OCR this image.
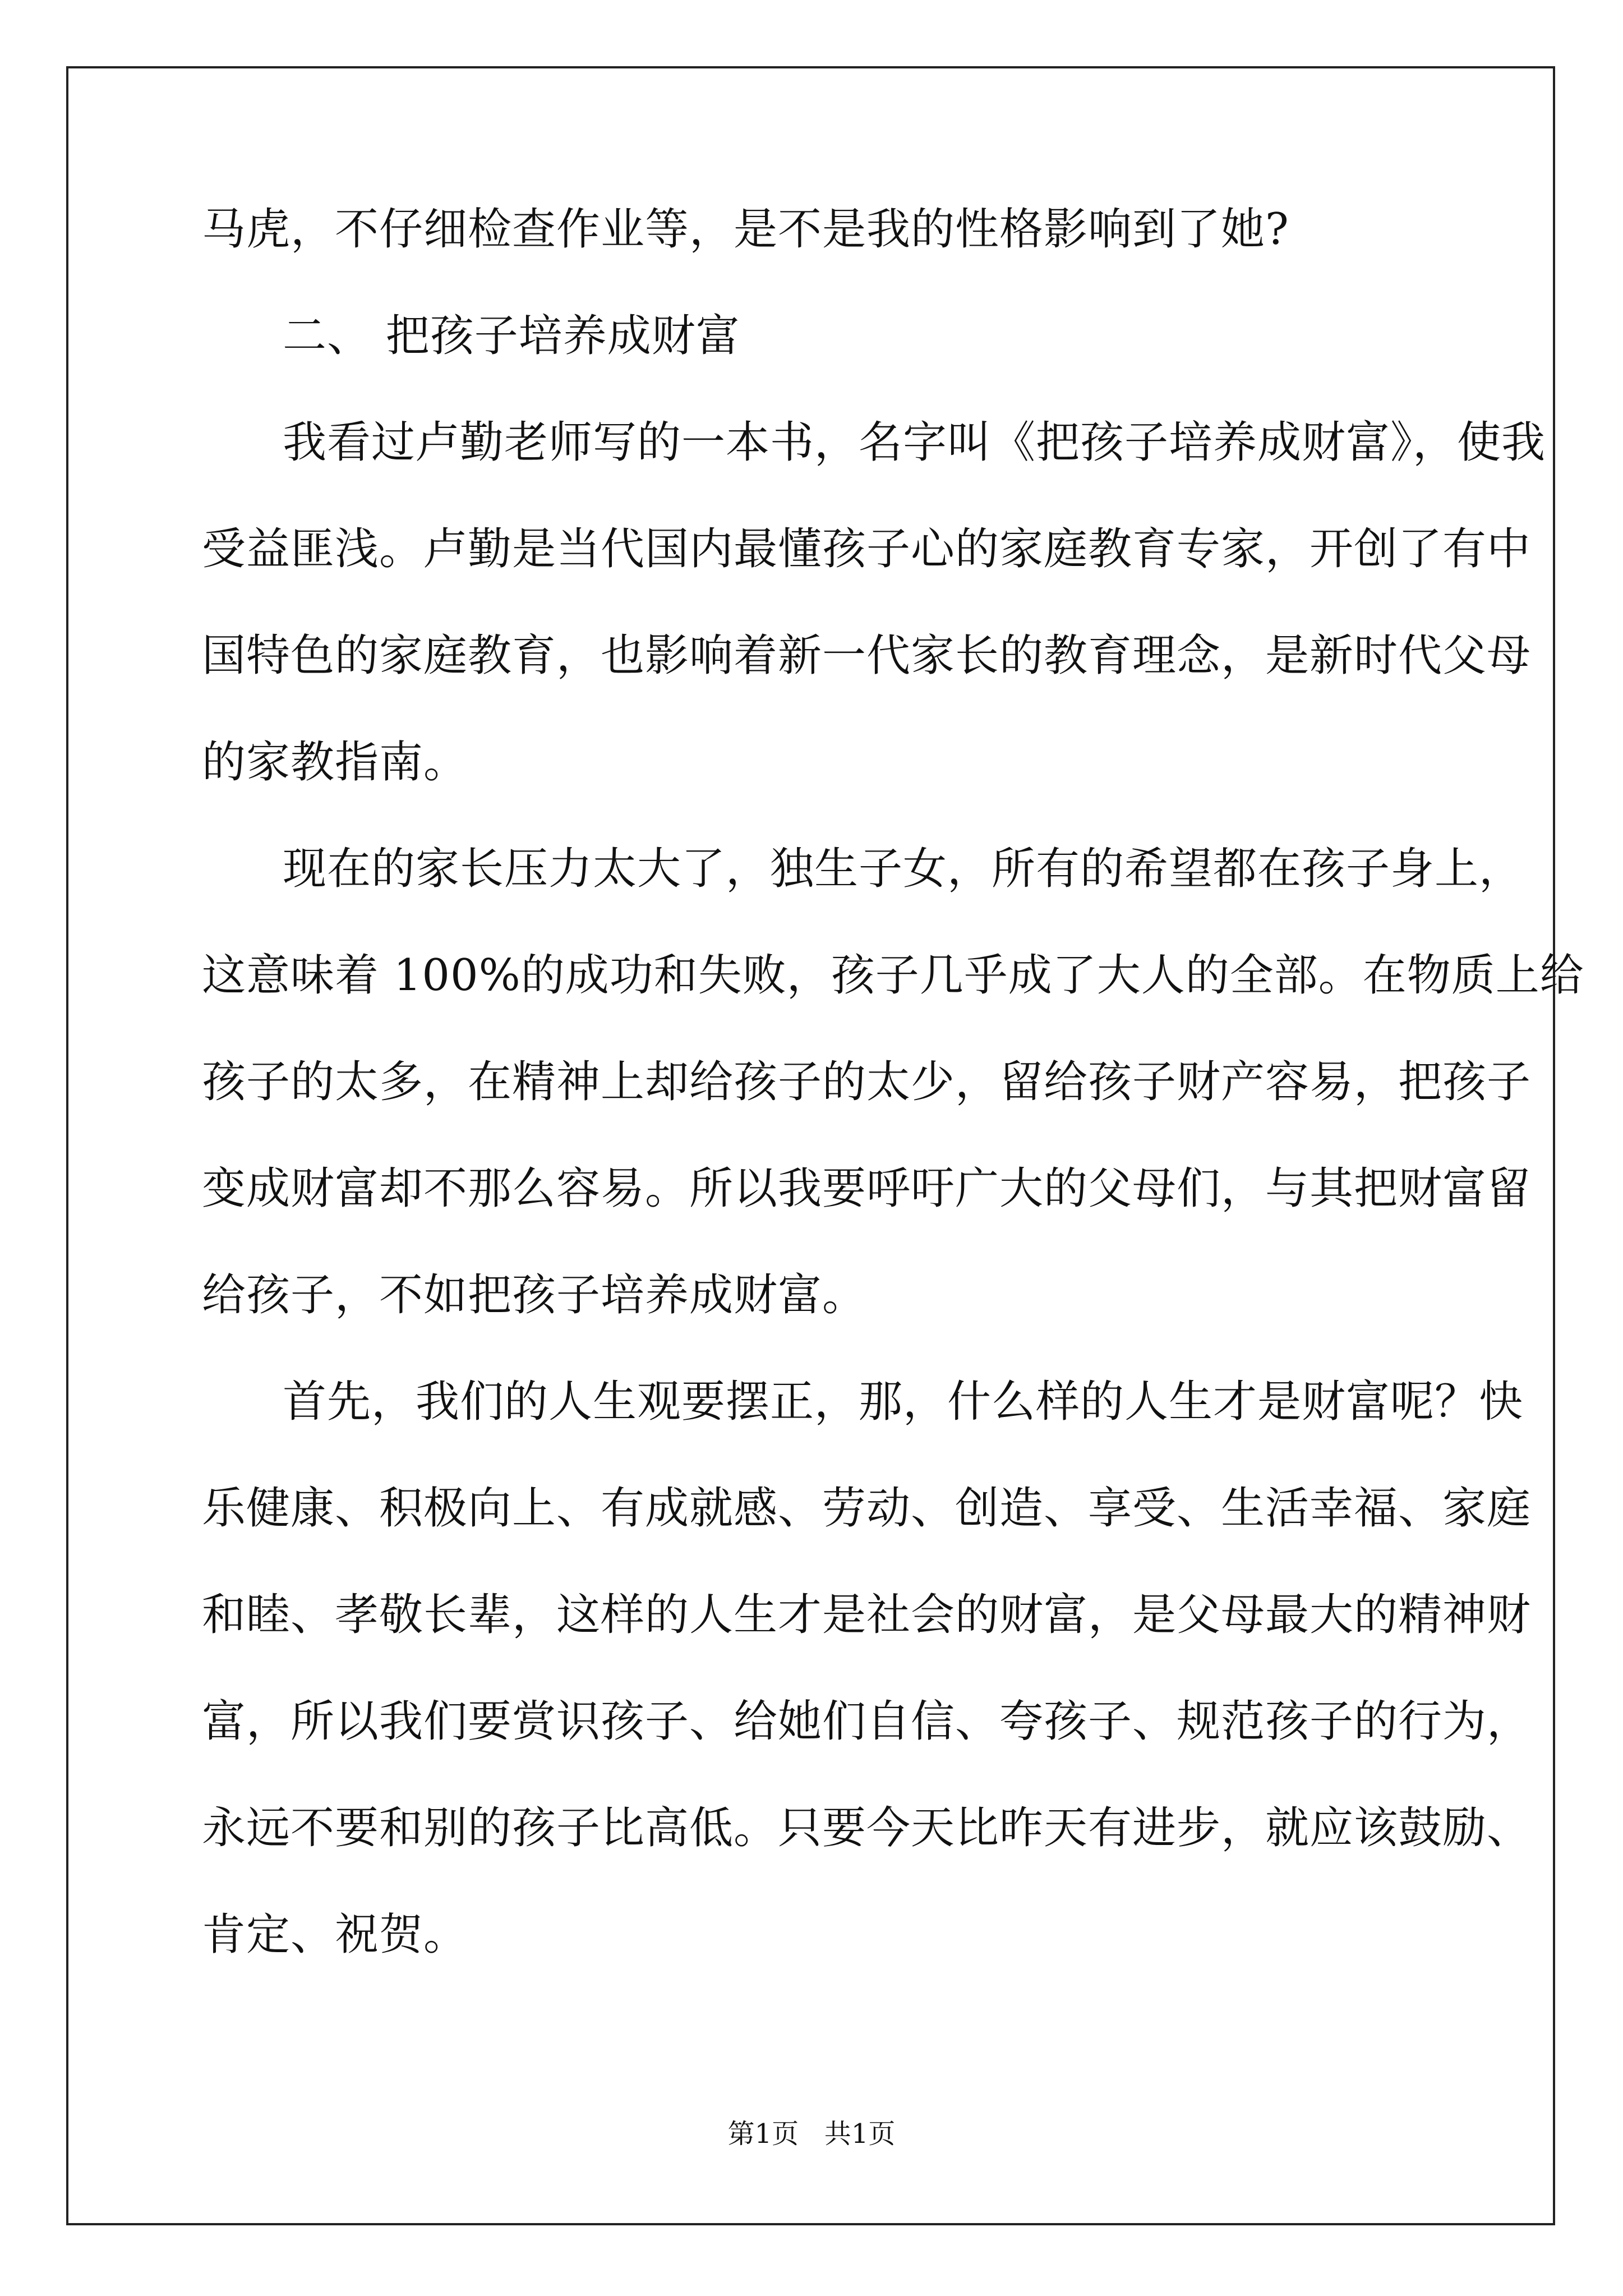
马虎，不仔细检查作业等，是不是我的性格影响到了她?
二、 把孩子培养成财富
我看过卢勤老师写的一本书，名字叫《把孩子培养成财富》，使我
受益匪浅。卢勤是当代国内最懂孩子心的家庭教育专家，开创了有中
国特色的家庭教育，也影响着新一代家长的教育理念，是新时代父母
的家教指南。
现在的家长压力太大了，独生子女，所有的希望都在孩子身上，
这意味着 100%的成功和失败，孩子几乎成了大人的全部。在物质上给
孩子的太多，在精神上却给孩子的太少，留给孩子财产容易，把孩子
变成财富却不那么容易。所以我要呼吁广大的父母们，与其把财富留
给孩子，不如把孩子培养成财富。
首先，我们的人生观要摆正，那，什么样的人生才是财富呢？快
乐健康、积极向上、有成就感、劳动、创造、享受、生活幸福、家庭
和睦、孝敬长辈，这样的人生才是社会的财富，是父母最大的精神财
富，所以我们要赏识孩子、给她们自信、夸孩子、规范孩子的行为，
永远不要和别的孩子比高低。只要今天比昨天有进步，就应该鼓励、
肯定、祝贺。
第1页   共1页
